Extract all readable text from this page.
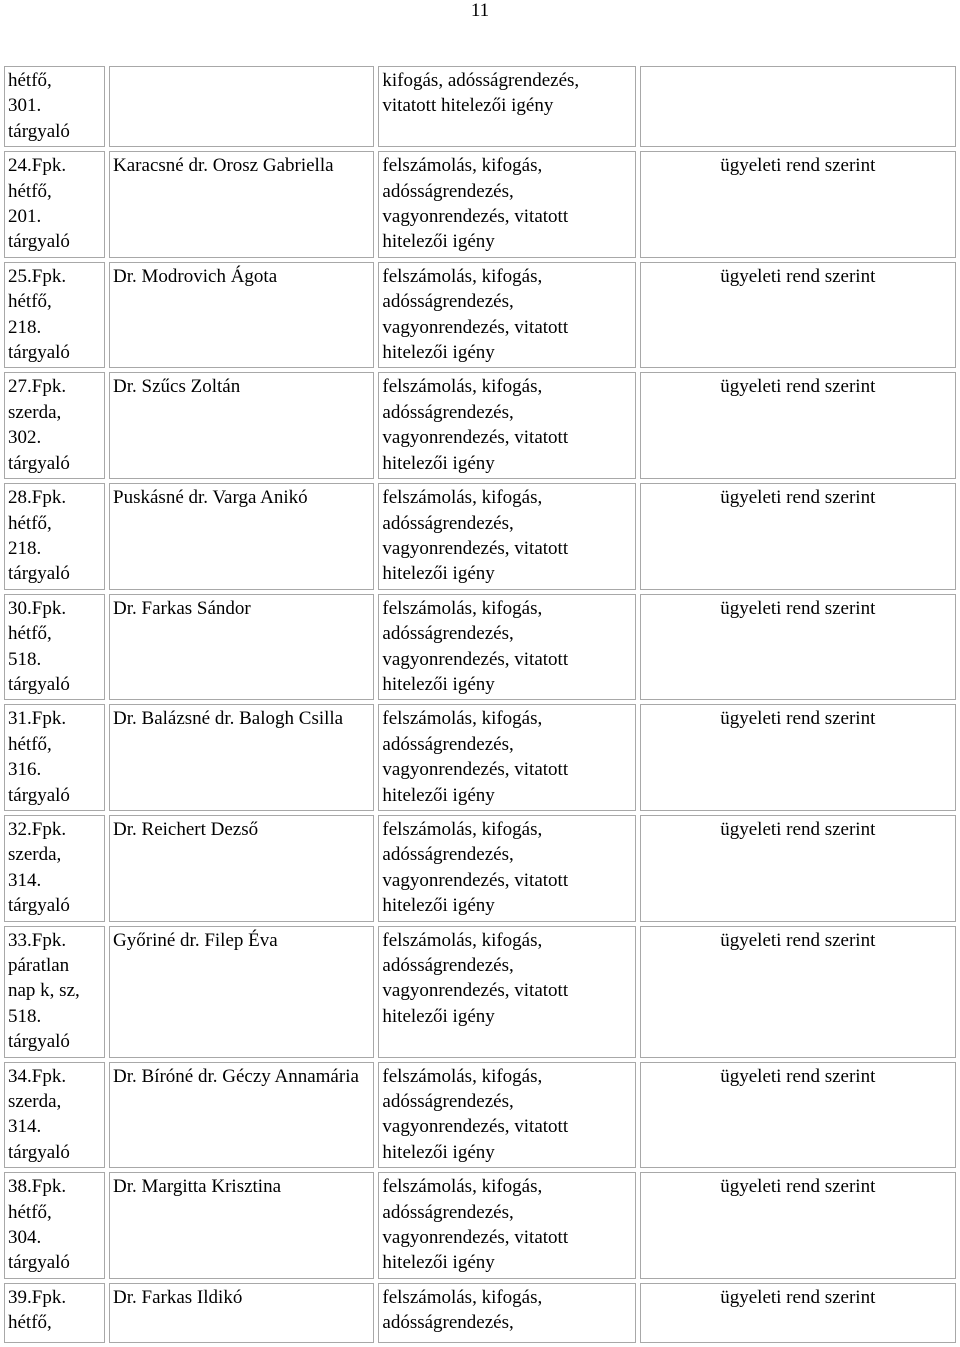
11
hétfő,
301.
tárgyaló		kifogás, adósságrendezés, vitatott hitelezői igény	
24.Fpk.
hétfő,
201.
tárgyaló	Karacsné dr. Orosz Gabriella	felszámolás, kifogás, adósságrendezés, vagyonrendezés, vitatott hitelezői igény	ügyeleti rend szerint
25.Fpk.
hétfő,
218.
tárgyaló	Dr. Modrovich Ágota	felszámolás, kifogás, adósságrendezés, vagyonrendezés, vitatott hitelezői igény	ügyeleti rend szerint
27.Fpk.
szerda,
302.
tárgyaló	Dr. Szűcs Zoltán	felszámolás, kifogás, adósságrendezés, vagyonrendezés, vitatott hitelezői igény	ügyeleti rend szerint
28.Fpk.
hétfő,
218.
tárgyaló	Puskásné dr. Varga Anikó	felszámolás, kifogás, adósságrendezés, vagyonrendezés, vitatott hitelezői igény	ügyeleti rend szerint
30.Fpk.
hétfő,
518.
tárgyaló	Dr. Farkas Sándor	felszámolás, kifogás, adósságrendezés, vagyonrendezés, vitatott hitelezői igény	ügyeleti rend szerint
31.Fpk.
hétfő,
316.
tárgyaló	Dr. Balázsné dr. Balogh Csilla	felszámolás, kifogás, adósságrendezés, vagyonrendezés, vitatott hitelezői igény	ügyeleti rend szerint
32.Fpk.
szerda,
314.
tárgyaló	Dr. Reichert Dezső	felszámolás, kifogás, adósságrendezés, vagyonrendezés, vitatott hitelezői igény	ügyeleti rend szerint
33.Fpk.
páratlan
nap k, sz,
518.
tárgyaló	Győriné dr. Filep Éva	felszámolás, kifogás, adósságrendezés, vagyonrendezés, vitatott hitelezői igény	ügyeleti rend szerint
34.Fpk.
szerda,
314.
tárgyaló	Dr. Bíróné dr. Géczy Annamária	felszámolás, kifogás, adósságrendezés, vagyonrendezés, vitatott hitelezői igény	ügyeleti rend szerint
38.Fpk.
hétfő,
304.
tárgyaló	Dr. Margitta Krisztina	felszámolás, kifogás, adósságrendezés, vagyonrendezés, vitatott hitelezői igény	ügyeleti rend szerint
39.Fpk.
hétfő,	Dr. Farkas Ildikó	felszámolás, kifogás, adósságrendezés,	ügyeleti rend szerint
